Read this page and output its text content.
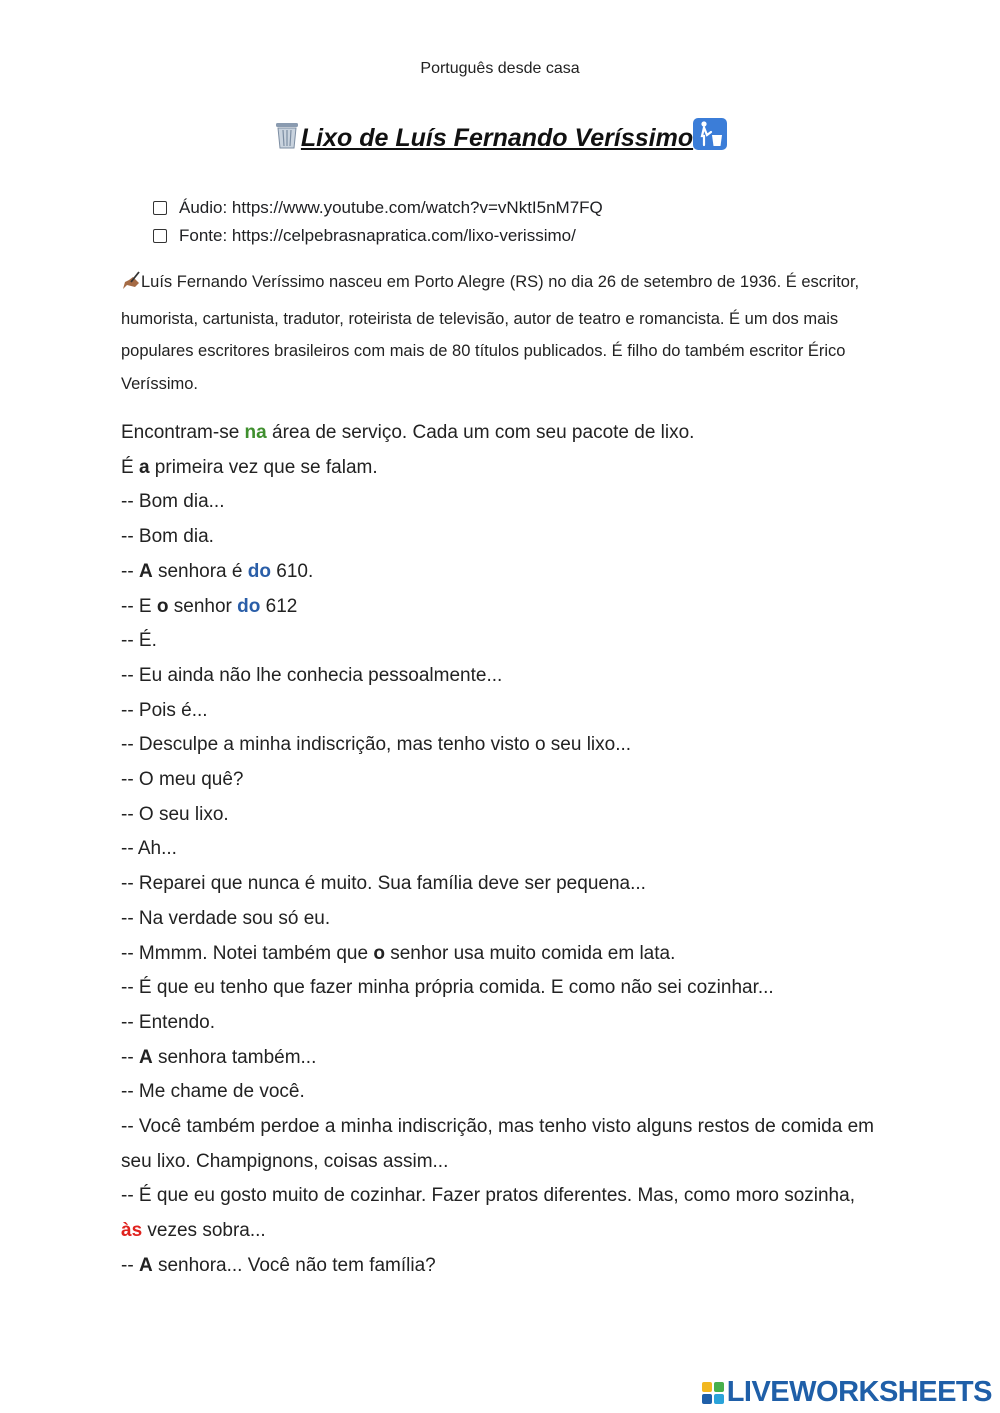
Português desde casa
Lixo de Luís Fernando Veríssimo
Áudio: https://www.youtube.com/watch?v=vNktI5nM7FQ
Fonte: https://celpebrasnapratica.com/lixo-verissimo/
Luís Fernando Veríssimo nasceu em Porto Alegre (RS) no dia 26 de setembro de 1936. É escritor, humorista, cartunista, tradutor, roteirista de televisão, autor de teatro e romancista. É um dos mais populares escritores brasileiros com mais de 80 títulos publicados. É filho do também escritor Érico Veríssimo.

Encontram-se na área de serviço. Cada um com seu pacote de lixo.

É a primeira vez que se falam.

-- Bom dia...

-- Bom dia.

-- A senhora é do 610.

-- E o senhor do 612

-- É.

-- Eu ainda não lhe conhecia pessoalmente...

-- Pois é...

-- Desculpe a minha indiscrição, mas tenho visto o seu lixo...

-- O meu quê?

-- O seu lixo.

-- Ah...

-- Reparei que nunca é muito. Sua família deve ser pequena...

-- Na verdade sou só eu.

-- Mmmm. Notei também que o senhor usa muito comida em lata.

-- É que eu tenho que fazer minha própria comida. E como não sei cozinhar...

-- Entendo.

-- A senhora também...

-- Me chame de você.

-- Você também perdoe a minha indiscrição, mas tenho visto alguns restos de comida em seu lixo. Champignons, coisas assim...

-- É que eu gosto muito de cozinhar. Fazer pratos diferentes. Mas, como moro sozinha, às vezes sobra...

-- A senhora... Você não tem família?

LIVEWORKSHEETS
